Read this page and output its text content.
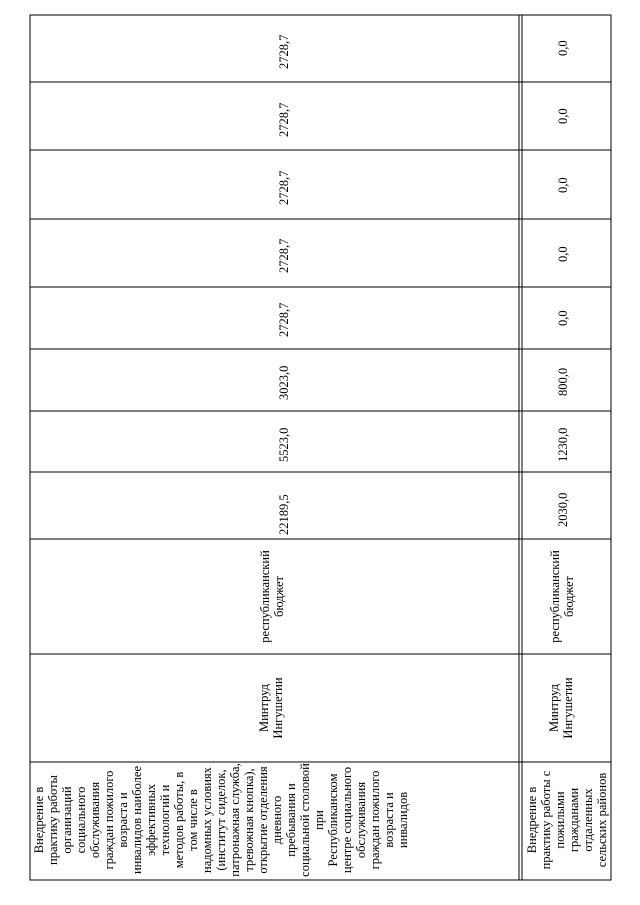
Внедрение в практику работы организаций социального обслуживания граждан пожилого возраста и инвалидов наиболее эффективных технологий и методов работы, в том числе в надомных условиях (институт сиделок, патронажная служба, тревожная кнопка), открытие отделения дневного пребывания и социальной столовой при Республиканском центре социального обслуживания граждан пожилого возраста и инвалидов
Минтруд
Ингушетии
республиканский
бюджет
22189,5
5523,0
3023,0
2728,7
2728,7
2728,7
2728,7
2728,7
Внедрение в практику работы с пожилыми гражданами отдаленных сельских районов
Минтруд
Ингушетии
республиканский
бюджет
2030,0
1230,0
800,0
0,0
0,0
0,0
0,0
0,0
